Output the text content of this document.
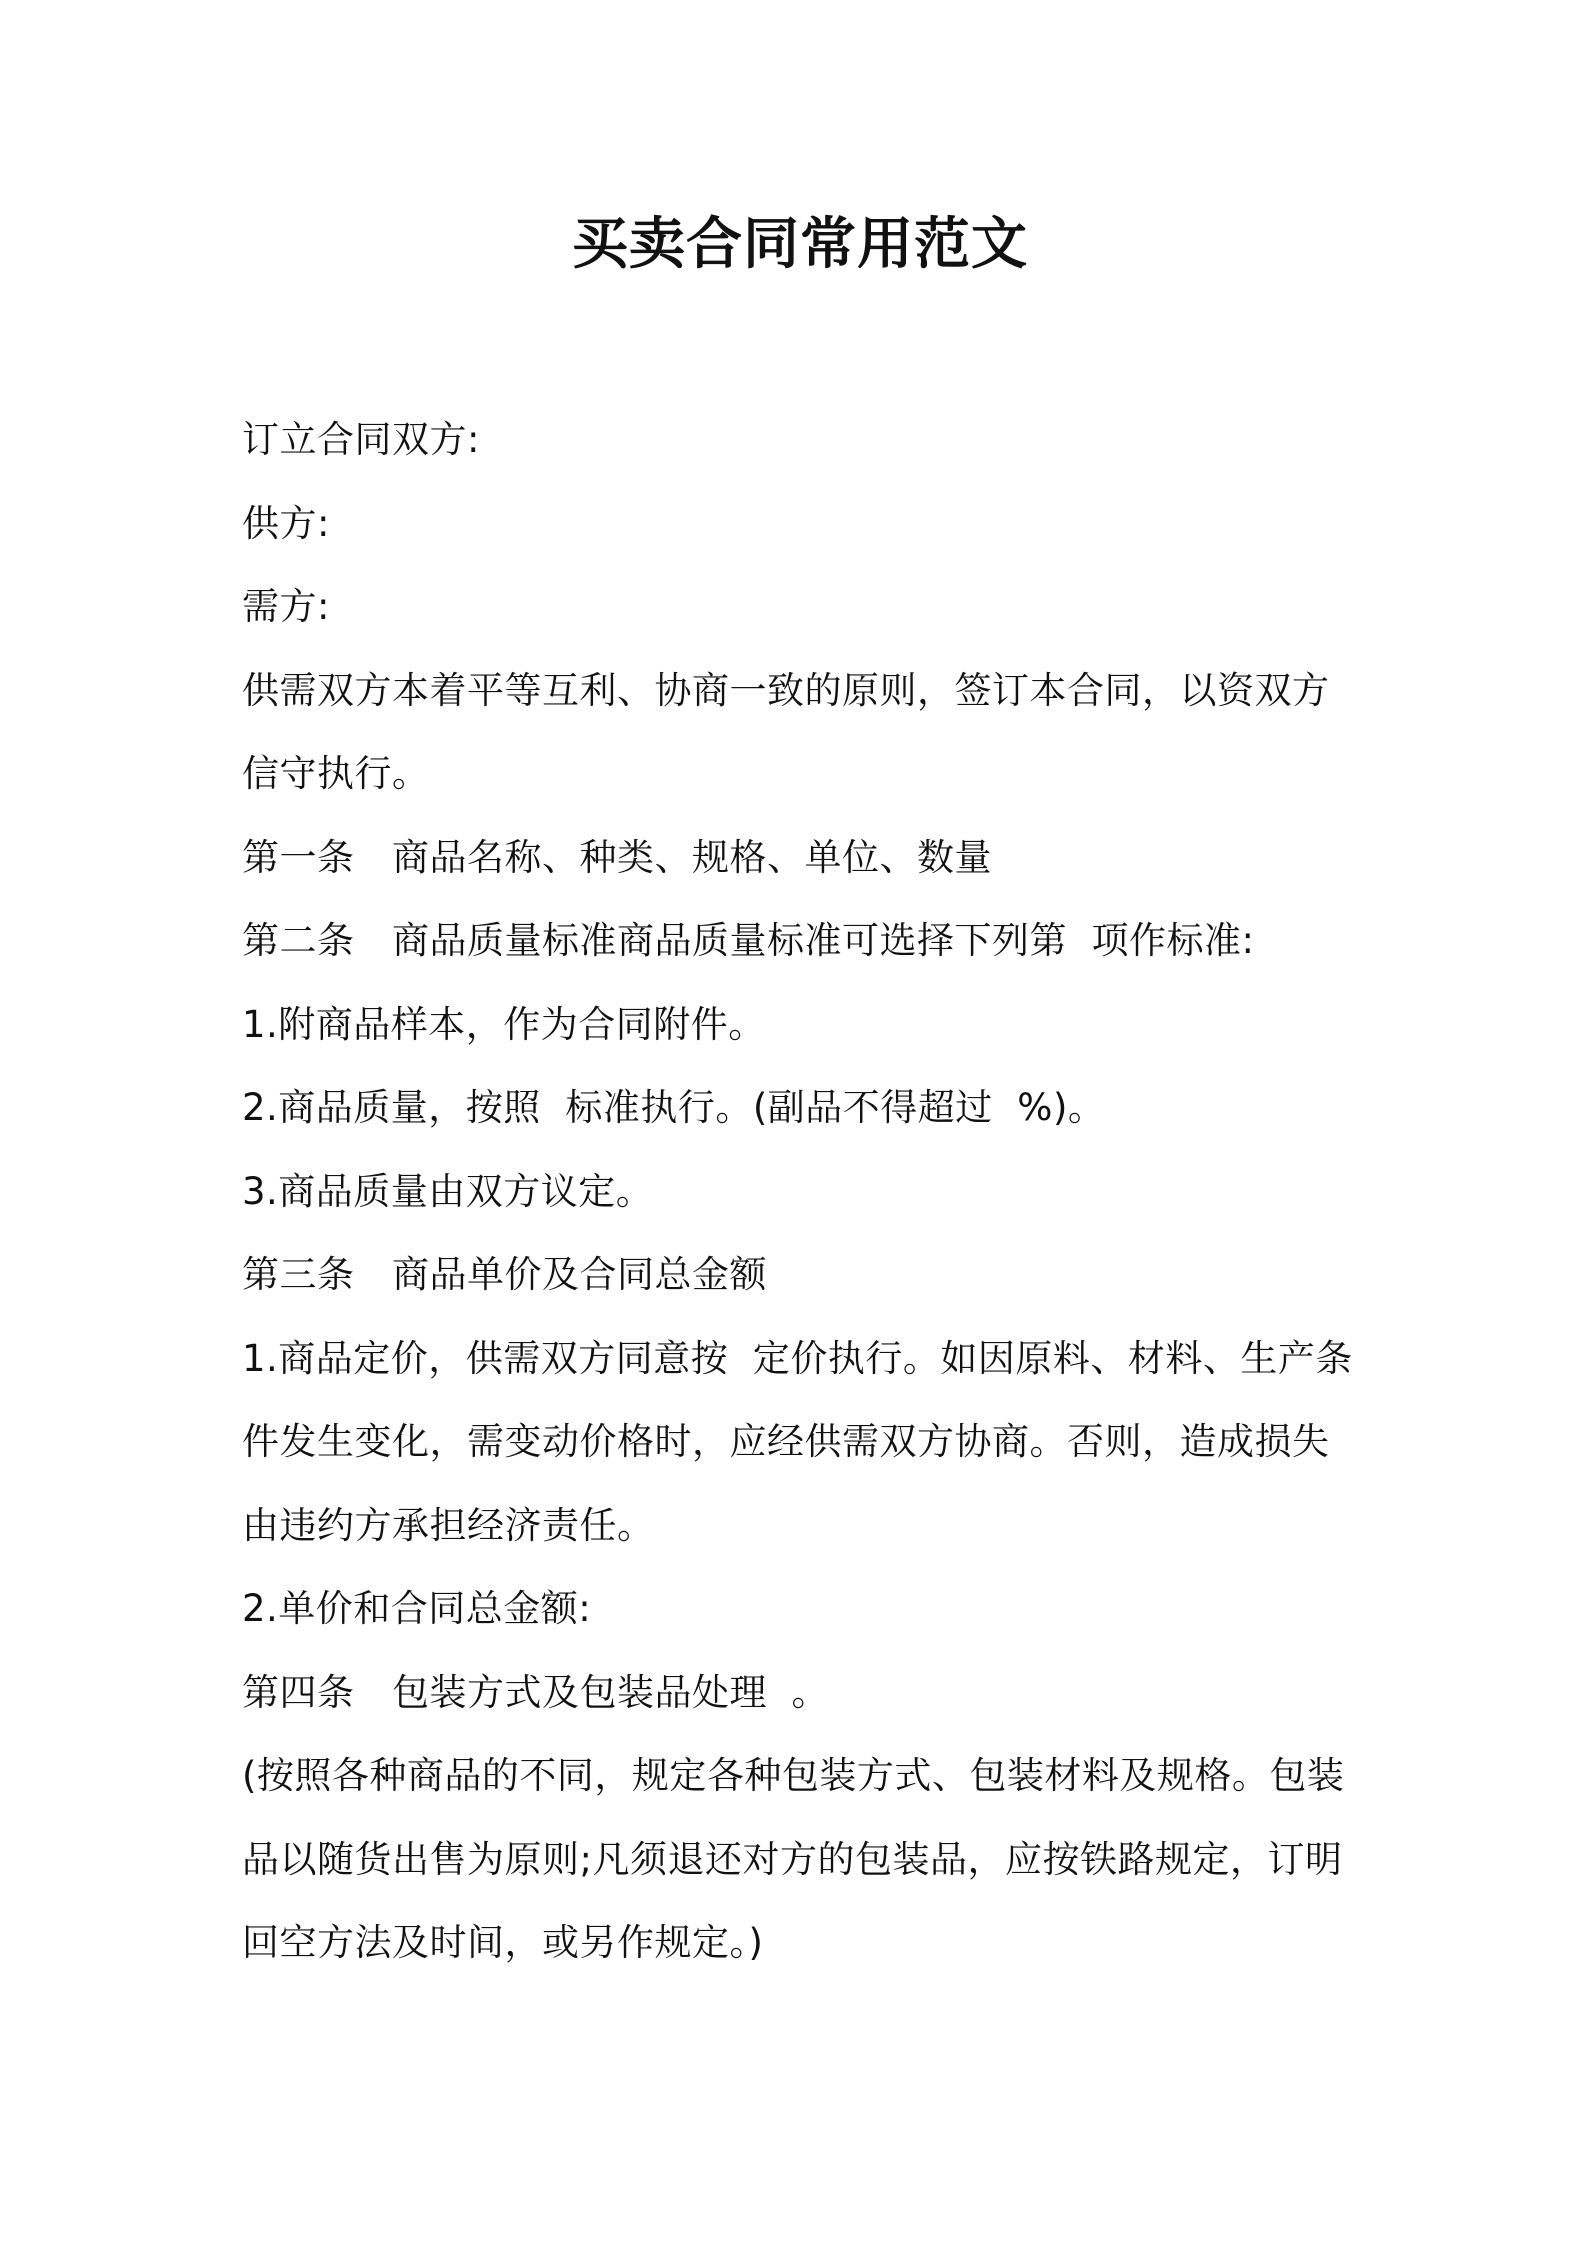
买卖合同常用范文

订立合同双方:

供方:

需方:

供需双方本着平等互利、协商一致的原则，签订本合同，以资双方信守执行。

第一条 商品名称、种类、规格、单位、数量

第二条 商品质量标准商品质量标准可选择下列第  项作标准:

1.附商品样本，作为合同附件。

2.商品质量，按照  标准执行。(副品不得超过  %)。

3.商品质量由双方议定。

第三条 商品单价及合同总金额

1.商品定价，供需双方同意按  定价执行。如因原料、材料、生产条件发生变化，需变动价格时，应经供需双方协商。否则，造成损失由违约方承担经济责任。

2.单价和合同总金额:

第四条 包装方式及包装品处理  。

(按照各种商品的不同，规定各种包装方式、包装材料及规格。包装品以随货出售为原则;凡须退还对方的包装品，应按铁路规定，订明回空方法及时间，或另作规定。)
